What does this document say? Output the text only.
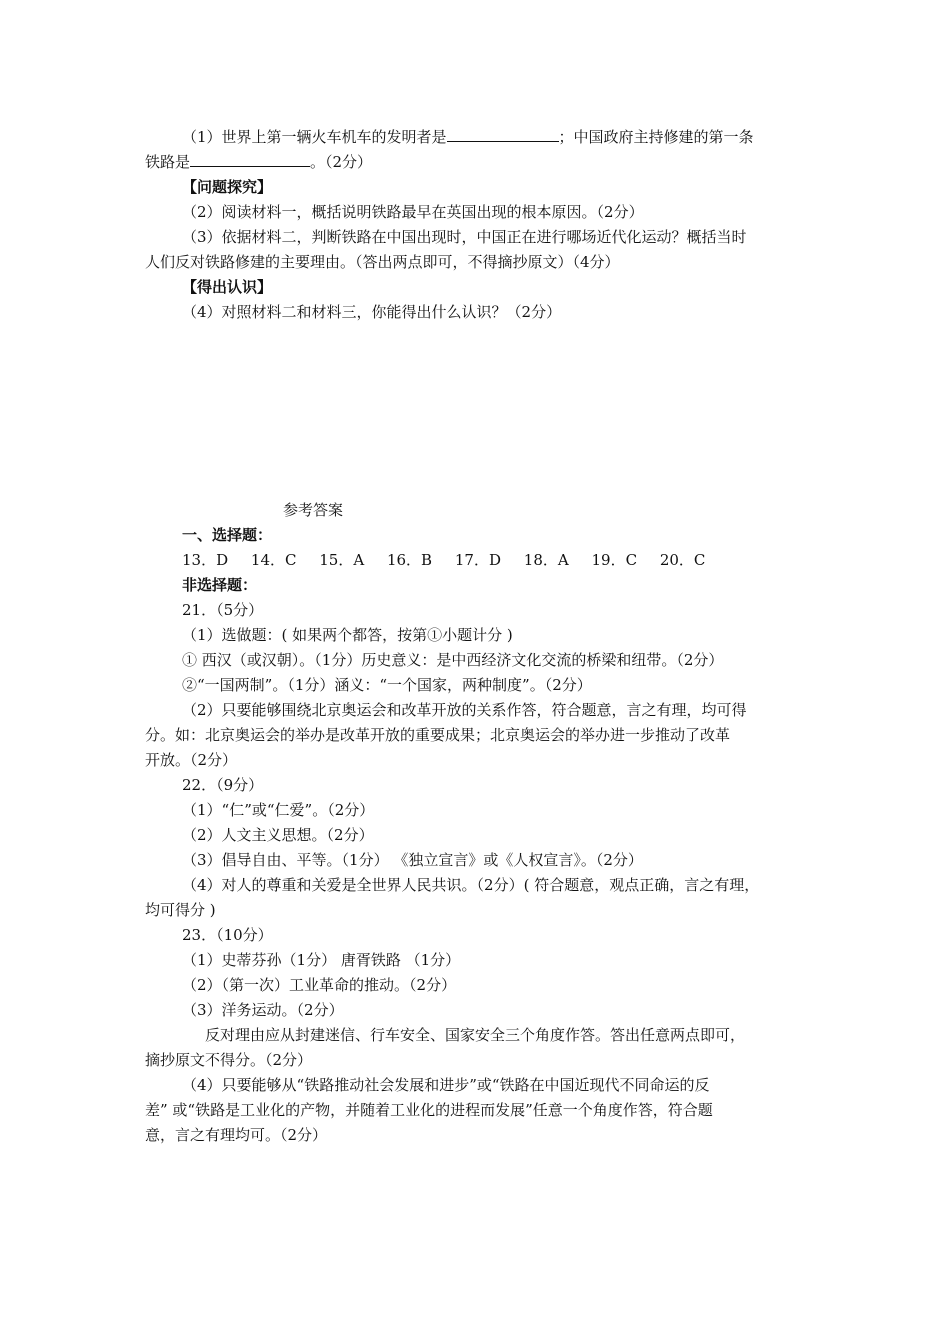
（1）世界上第一辆火车机车的发明者是	；中国政府主持修建的第一条
铁路是	。（2分）
【问题探究】
（2）阅读材料一，概括说明铁路最早在英国出现的根本原因。（2分）
（3）依据材料二，判断铁路在中国出现时，中国正在进行哪场近代化运动？概括当时
人们反对铁路修建的主要理由。（答出两点即可，不得摘抄原文）（4分）
【得出认识】
（4）对照材料二和材料三，你能得出什么认识？（2分）
参考答案
一、选择题：
13．D 14．C 15．A 16．B 17．D 18．A 19．C 20．C
非选择题：
21．（5分）
（1）选做题：( 如果两个都答，按第①小题计分 )
① 西汉（或汉朝）。（1分）历史意义：是中西经济文化交流的桥梁和纽带。（2分）
②“一国两制”。（1分）涵义：“一个国家，两种制度”。（2分）
（2）只要能够围绕北京奥运会和改革开放的关系作答，符合题意，言之有理，均可得
分。如：北京奥运会的举办是改革开放的重要成果；北京奥运会的举办进一步推动了改革
开放。（2分）
22．（9分）
（1）“仁”或“仁爱”。（2分）
（2）人文主义思想。（2分）
（3）倡导自由、平等。（1分） 《独立宣言》或《人权宣言》。（2分）
（4）对人的尊重和关爱是全世界人民共识。（2分）( 符合题意，观点正确，言之有理，
均可得分 )
23．（10分）
（1）史蒂芬孙（1分） 唐胥铁路 （1分）
（2）（第一次）工业革命的推动。（2分）
（3）洋务运动。（2分）
反对理由应从封建迷信、行车安全、国家安全三个角度作答。答出任意两点即可，
摘抄原文不得分。（2分）
（4）只要能够从“铁路推动社会发展和进步”或“铁路在中国近现代不同命运的反
差” 或“铁路是工业化的产物，并随着工业化的进程而发展”任意一个角度作答，符合题
意，言之有理均可。（2分）
